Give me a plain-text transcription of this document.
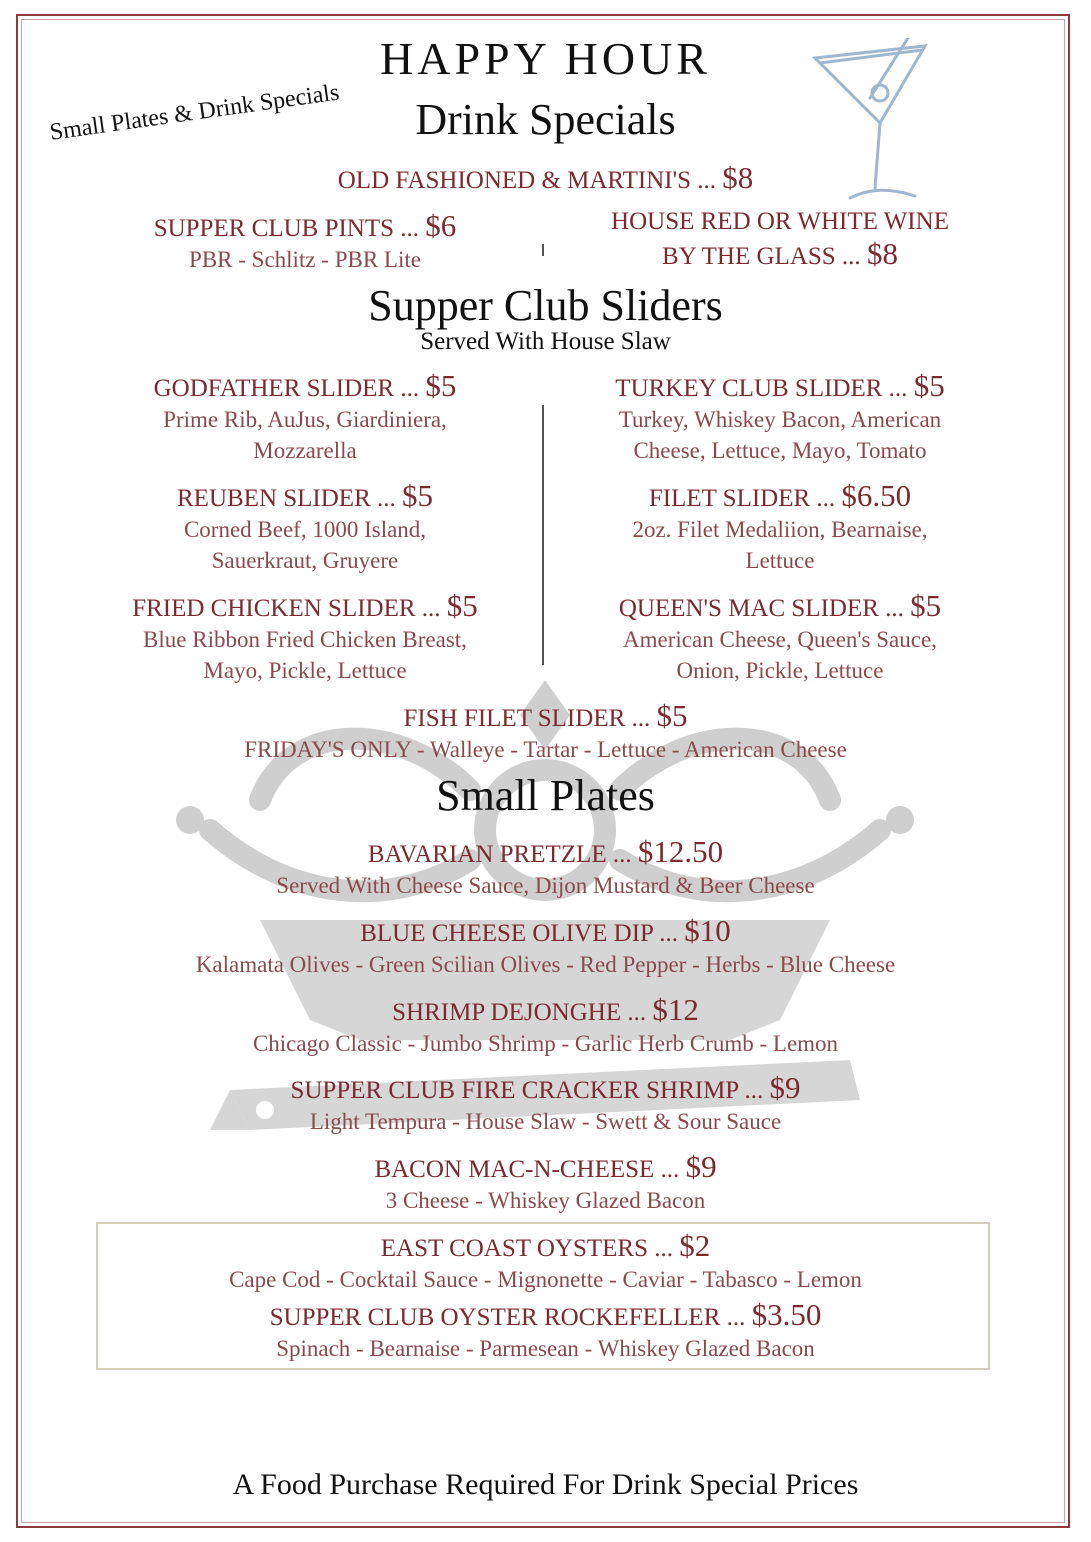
HAPPY HOUR
Small Plates & Drink Specials	Drink Specials
OLD FASHIONED & MARTINI'S ... $8
SUPPER CLUB PINTS ... $6
PBR - Schlitz - PBR Lite
HOUSE RED OR WHITE WINE
BY THE GLASS ... $8
Supper Club Sliders
Served With House Slaw
GODFATHER SLIDER ... $5
Prime Rib, AuJus, Giardiniera,
Mozzarella
TURKEY CLUB SLIDER ... $5
Turkey, Whiskey Bacon, American
Cheese, Lettuce, Mayo, Tomato
REUBEN SLIDER ... $5
Corned Beef, 1000 Island,
Sauerkraut, Gruyere
FILET SLIDER ... $6.50
2oz. Filet Medaliion, Bearnaise,
Lettuce
FRIED CHICKEN SLIDER ... $5
Blue Ribbon Fried Chicken Breast,
Mayo, Pickle, Lettuce
QUEEN'S MAC SLIDER ... $5
American Cheese, Queen's Sauce,
Onion, Pickle, Lettuce
FISH FILET SLIDER ... $5
FRIDAY'S ONLY - Walleye - Tartar - Lettuce - American Cheese
Small Plates
BAVARIAN PRETZLE ... $12.50
Served With Cheese Sauce, Dijon Mustard & Beer Cheese
BLUE CHEESE OLIVE DIP ... $10
Kalamata Olives - Green Scilian Olives - Red Pepper - Herbs - Blue Cheese
SHRIMP DEJONGHE ... $12
Chicago Classic - Jumbo Shrimp - Garlic Herb Crumb - Lemon
SUPPER CLUB FIRE CRACKER SHRIMP ... $9
Light Tempura - House Slaw - Swett & Sour Sauce
BACON MAC-N-CHEESE ... $9
3 Cheese - Whiskey Glazed Bacon
EAST COAST OYSTERS ... $2
Cape Cod - Cocktail Sauce - Mignonette - Caviar - Tabasco - Lemon
SUPPER CLUB OYSTER ROCKEFELLER ... $3.50
Spinach - Bearnaise - Parmesean - Whiskey Glazed Bacon
A Food Purchase Required For Drink Special Prices
